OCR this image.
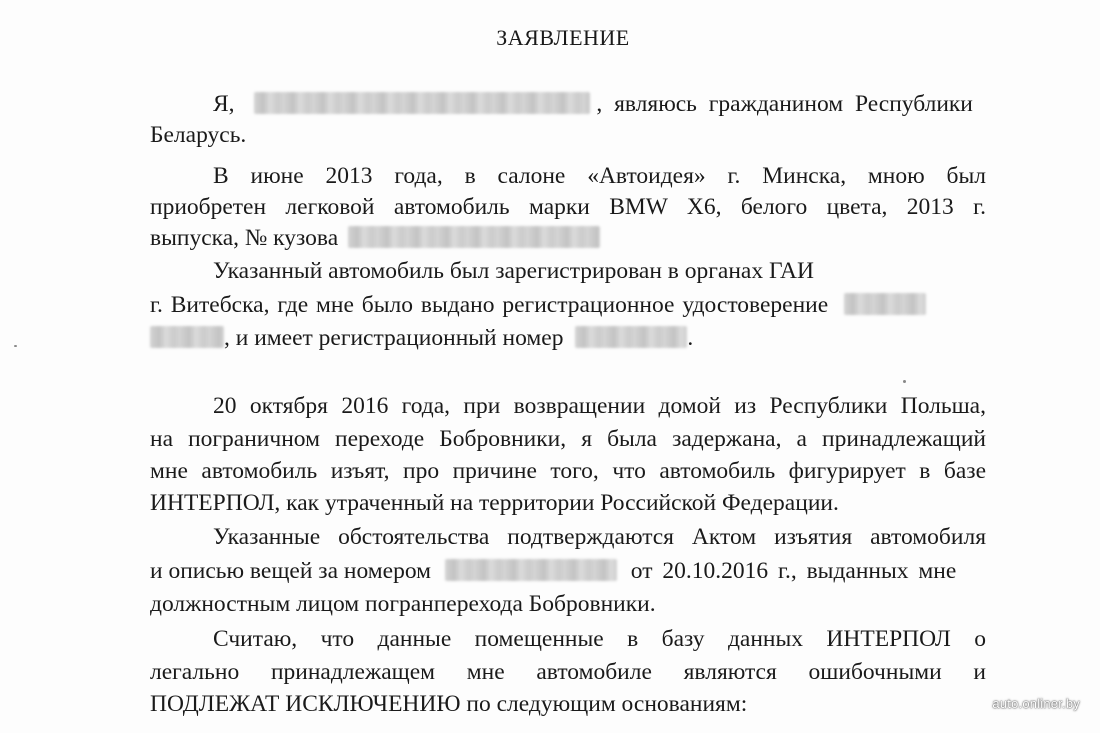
ЗАЯВЛЕНИЕ
Я,	, являюсь гражданином Республики
Беларусь.
В июне 2013 года, в салоне «Автоидея» г. Минска, мною был
приобретен легковой автомобиль марки BMW X6, белого цвета, 2013 г.
выпуска, № кузова
Указанный автомобиль был зарегистрирован в органах ГАИ
г. Витебска, где мне было выдано регистрационное удостоверение
, и имеет регистрационный номер	.
20 октября 2016 года, при возвращении домой из Республики Польша,
на пограничном переходе Бобровники, я была задержана, а принадлежащий
мне автомобиль изъят, про причине того, что автомобиль фигурирует в базе
ИНТЕРПОЛ, как утраченный на территории Российской Федерации.
Указанные обстоятельства подтверждаются Актом изъятия автомобиля
и описью вещей за номером	от 20.10.2016 г., выданных мне
должностным лицом погранперехода Бобровники.
Считаю, что данные помещенные в базу данных ИНТЕРПОЛ о
легально принадлежащем мне автомобиле являются ошибочными и
ПОДЛЕЖАТ ИСКЛЮЧЕНИЮ по следующим основаниям:	auto.onliner.by
